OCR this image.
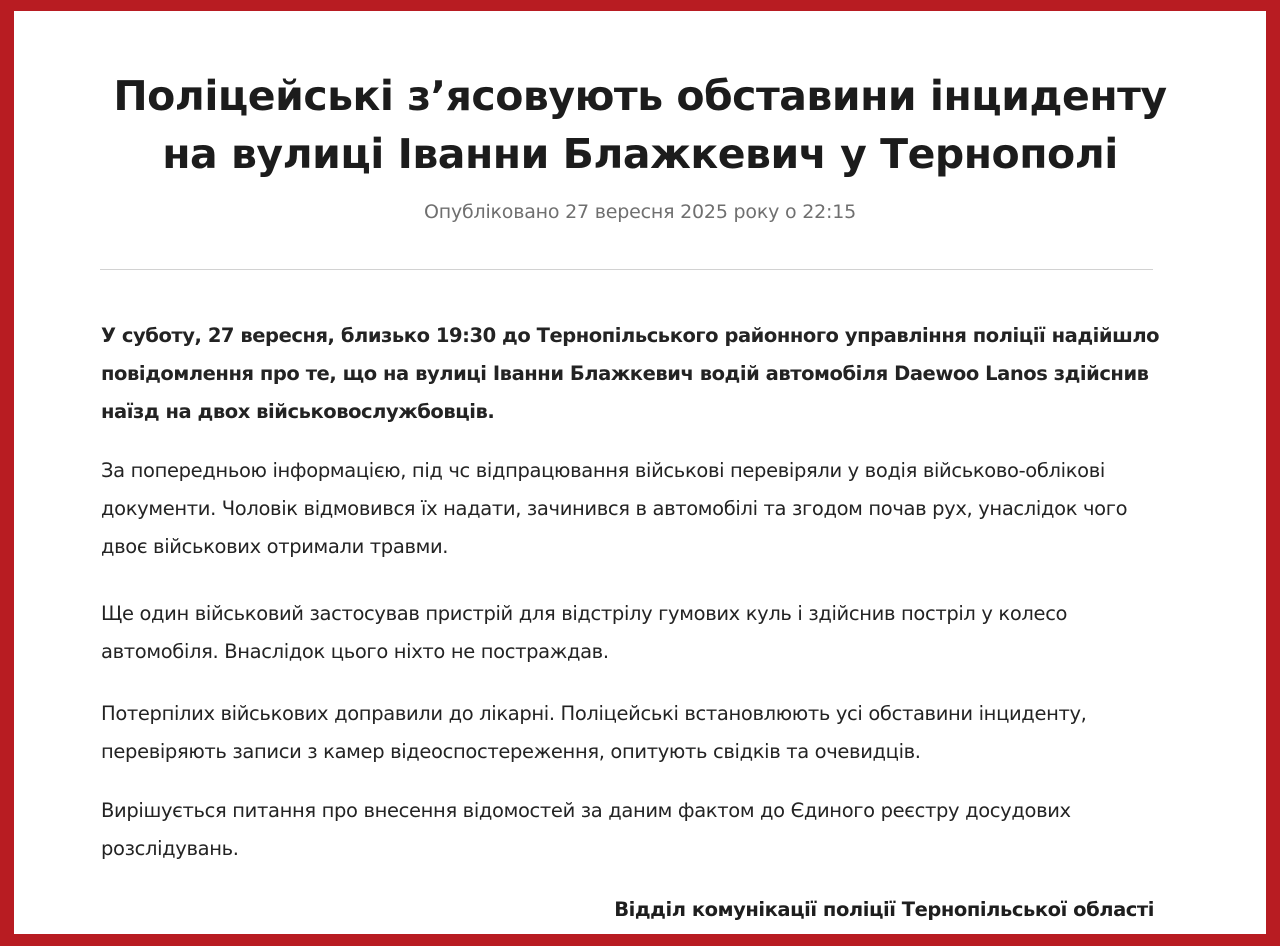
Поліцейські з’ясовують обставини інциденту
на вулиці Іванни Блажкевич у Тернополі
Опубліковано 27 вересня 2025 року о 22:15

У суботу, 27 вересня, близько 19:30 до Тернопільського районного управління поліції надійшло повідомлення про те, що на вулиці Іванни Блажкевич водій автомобіля Daewoo Lanos здійснив наїзд на двох військовослужбовців.

За попередньою інформацією, під чс відпрацювання військові перевіряли у водія військово-облікові документи. Чоловік відмовився їх надати, зачинився в автомобілі та згодом почав рух, унаслідок чого двоє військових отримали травми.

Ще один військовий застосував пристрій для відстрілу гумових куль і здійснив постріл у колесо автомобіля. Внаслідок цього ніхто не постраждав.

Потерпілих військових доправили до лікарні. Поліцейські встановлюють усі обставини інциденту, перевіряють записи з камер відеоспостереження, опитують свідків та очевидців.

Вирішується питання про внесення відомостей за даним фактом до Єдиного реєстру досудових розслідувань.

Відділ комунікації поліції Тернопільської області
